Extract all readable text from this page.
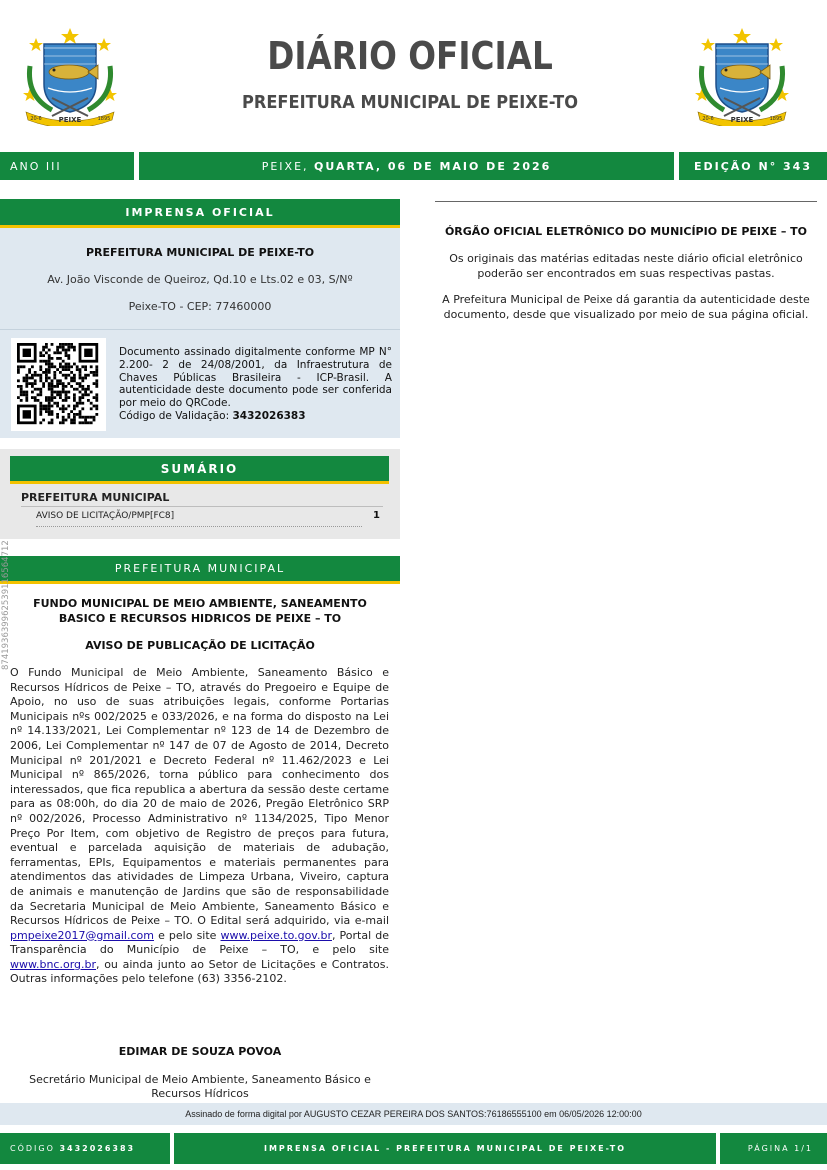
PEIXE
20-6	1895
DIÁRIO OFICIAL
PREFEITURA MUNICIPAL DE PEIXE-TO
PEIXE
20-6	1895
ANO III	PEIXE,
QUARTA, 06 DE MAIO DE 2026	EDIÇÃO N° 343
IMPRENSA OFICIAL
PREFEITURA MUNICIPAL DE PEIXE-TO
Av. João Visconde de Queiroz, Qd.10 e Lts.02 e 03, S/Nº
Peixe-TO - CEP: 77460000
Documento assinado digitalmente conforme MP N° 2.200- 2 de 24/08/2001, da Infraestrutura de Chaves Públicas Brasileira - ICP-Brasil. A autenticidade deste documento pode ser conferida por meio do QRCode.
Código de Validação: 3432026383
SUMÁRIO
PREFEITURA MUNICIPAL
AVISO DE LICITAÇÃO/PMP[FC8]	1
PREFEITURA MUNICIPAL
FUNDO MUNICIPAL DE MEIO AMBIENTE, SANEAMENTO BASICO E RECURSOS HIDRICOS DE PEIXE – TO
AVISO DE PUBLICAÇÃO DE LICITAÇÃO
O Fundo Municipal de Meio Ambiente, Saneamento Básico e Recursos Hídricos de Peixe – TO, através do Pregoeiro e Equipe de Apoio, no uso de suas atribuições legais, conforme Portarias Municipais nºs 002/2025 e 033/2026, e na forma do disposto na Lei nº 14.133/2021, Lei Complementar nº 123 de 14 de Dezembro de 2006, Lei Complementar nº 147 de 07 de Agosto de 2014, Decreto Municipal nº 201/2021 e Decreto Federal nº 11.462/2023 e Lei Municipal nº 865/2026, torna público para conhecimento dos interessados, que fica republica a abertura da sessão deste certame para as 08:00h, do dia 20 de maio de 2026, Pregão Eletrônico SRP nº 002/2026, Processo Administrativo nº 1134/2025, Tipo Menor Preço Por Item, com objetivo de Registro de preços para futura, eventual e parcelada aquisição de materiais de adubação, ferramentas, EPIs, Equipamentos e materiais permanentes para atendimentos das atividades de Limpeza Urbana, Viveiro, captura de animais e manutenção de Jardins que são de responsabilidade da Secretaria Municipal de Meio Ambiente, Saneamento Básico e Recursos Hídricos de Peixe – TO. O Edital será adquirido, via e-mail pmpeixe2017@gmail.com e pelo site www.peixe.to.gov.br, Portal de Transparência do Município de Peixe – TO, e pelo site www.bnc.org.br, ou ainda junto ao Setor de Licitações e Contratos. Outras informações pelo telefone (63) 3356-2102.
EDIMAR DE SOUZA POVOA
Secretário Municipal de Meio Ambiente, Saneamento Básico e Recursos Hídricos
874193639962539116564712
ÓRGÃO OFICIAL ELETRÔNICO DO MUNICÍPIO DE PEIXE – TO
Os originais das matérias editadas neste diário oficial eletrônico poderão ser encontrados em suas respectivas pastas.
A Prefeitura Municipal de Peixe dá garantia da autenticidade deste documento, desde que visualizado por meio de sua página oficial.
Assinado de forma digital por AUGUSTO CEZAR PEREIRA DOS SANTOS:76186555100 em 06/05/2026 12:00:00
CÓDIGO
3432026383	IMPRENSA OFICIAL - PREFEITURA MUNICIPAL DE PEIXE-TO	PÁGINA 1/1
